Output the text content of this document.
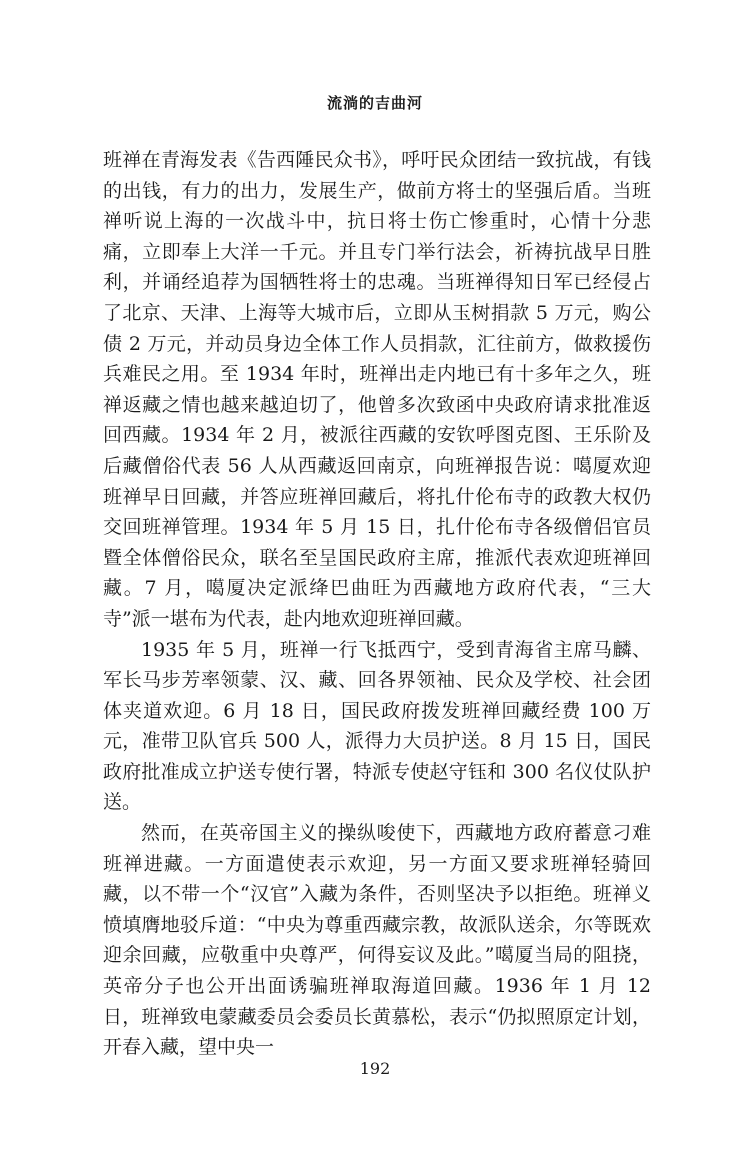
流淌的吉曲河

班禅在青海发表《告西陲民众书》，呼吁民众团结一致抗战，有钱的出钱，有力的出力，发展生产，做前方将士的坚强后盾。当班禅听说上海的一次战斗中，抗日将士伤亡惨重时，心情十分悲痛，立即奉上大洋一千元。并且专门举行法会，祈祷抗战早日胜利，并诵经追荐为国牺牲将士的忠魂。当班禅得知日军已经侵占了北京、天津、上海等大城市后，立即从玉树捐款 5 万元，购公债 2 万元，并动员身边全体工作人员捐款，汇往前方，做救援伤兵难民之用。至 1934 年时，班禅出走内地已有十多年之久，班禅返藏之情也越来越迫切了，他曾多次致函中央政府请求批准返回西藏。1934 年 2 月，被派往西藏的安钦呼图克图、王乐阶及后藏僧俗代表 56 人从西藏返回南京，向班禅报告说：噶厦欢迎班禅早日回藏，并答应班禅回藏后，将扎什伦布寺的政教大权仍交回班禅管理。1934 年 5 月 15 日，扎什伦布寺各级僧侣官员暨全体僧俗民众，联名至呈国民政府主席，推派代表欢迎班禅回藏。7 月，噶厦决定派绛巴曲旺为西藏地方政府代表，“三大寺”派一堪布为代表，赴内地欢迎班禅回藏。

1935 年 5 月，班禅一行飞抵西宁，受到青海省主席马麟、军长马步芳率领蒙、汉、藏、回各界领袖、民众及学校、社会团体夹道欢迎。6 月 18 日，国民政府拨发班禅回藏经费 100 万元，准带卫队官兵 500 人，派得力大员护送。8 月 15 日，国民政府批准成立护送专使行署，特派专使赵守钰和 300 名仪仗队护送。

然而，在英帝国主义的操纵唆使下，西藏地方政府蓄意刁难班禅进藏。一方面遣使表示欢迎，另一方面又要求班禅轻骑回藏，以不带一个“汉官”入藏为条件，否则坚决予以拒绝。班禅义愤填膺地驳斥道：“中央为尊重西藏宗教，故派队送余，尔等既欢迎余回藏，应敬重中央尊严，何得妄议及此。”噶厦当局的阻挠，英帝分子也公开出面诱骗班禅取海道回藏。1936 年 1 月 12 日，班禅致电蒙藏委员会委员长黄慕松，表示“仍拟照原定计划，开春入藏，望中央一

192
